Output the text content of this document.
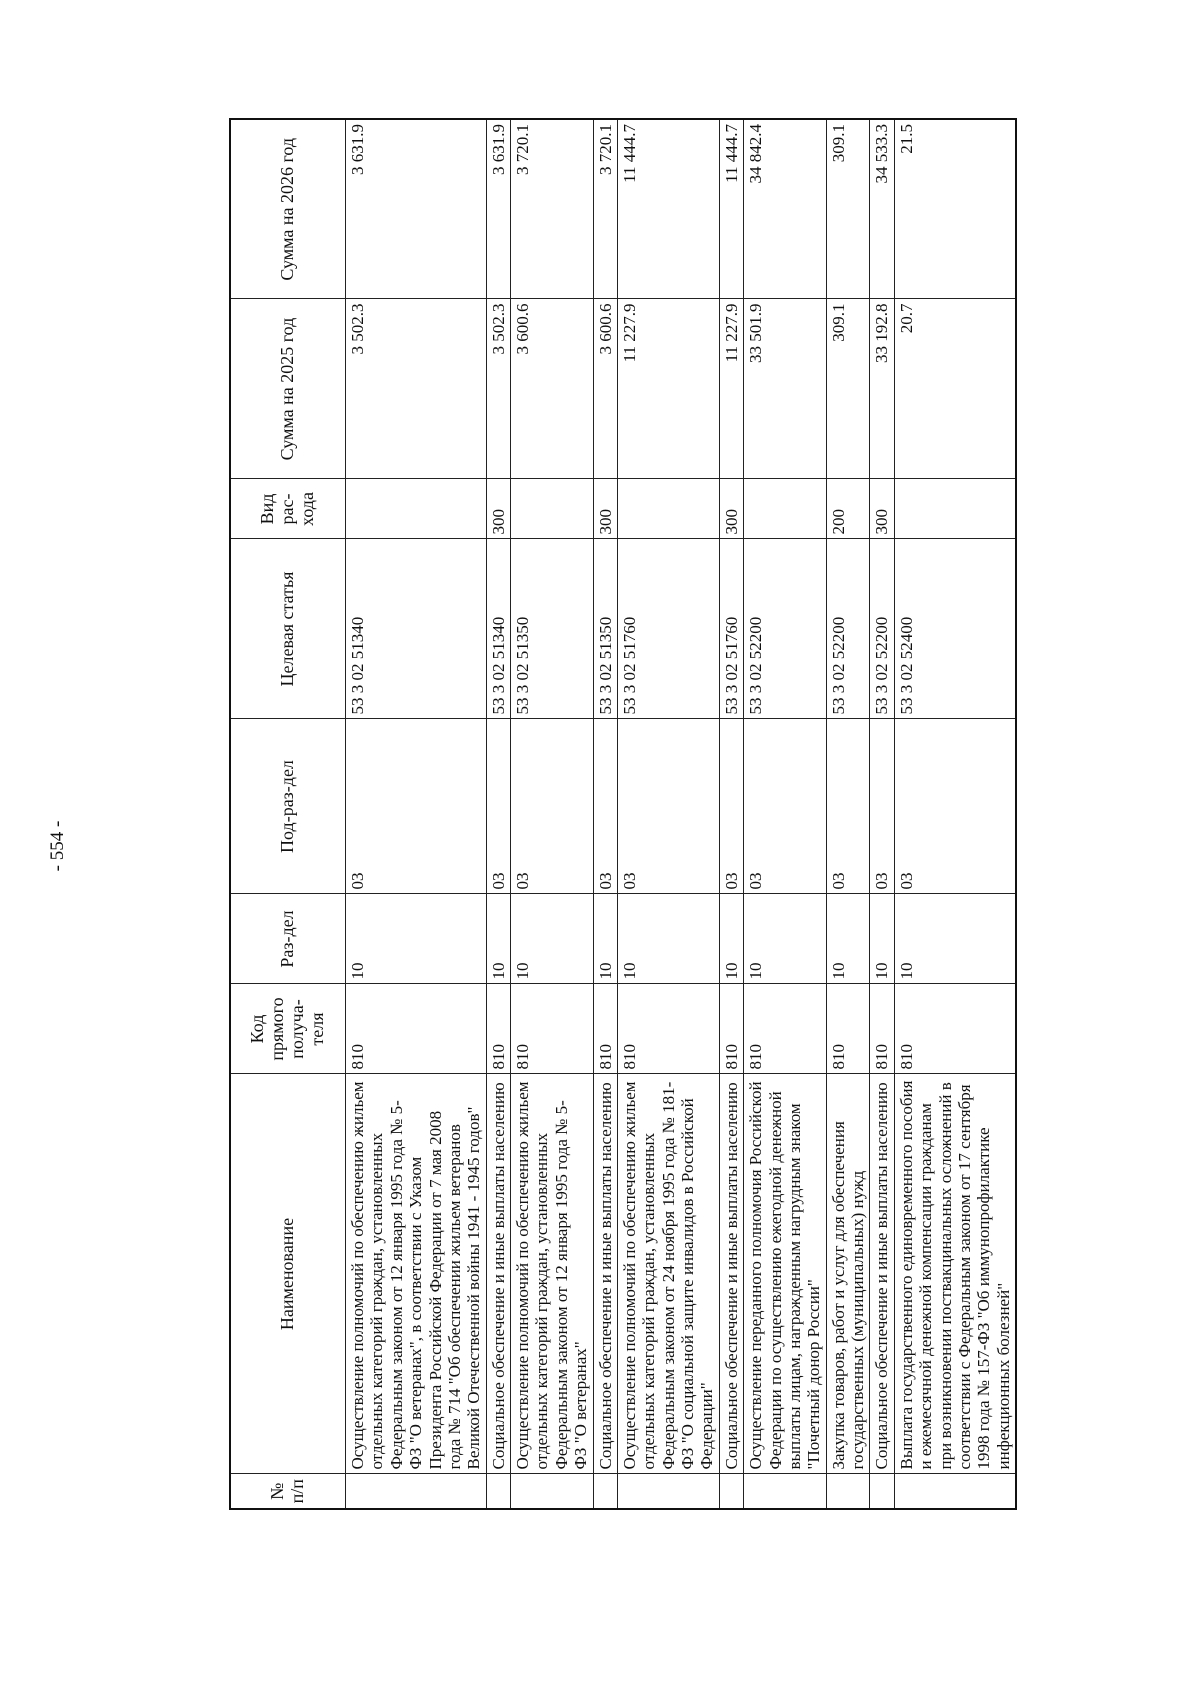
- 554 -
№ п/п	Наименование	Код прямого получа-теля	Раз-дел	Под-раз-дел	Целевая статья	Вид рас-хода	Сумма на 2025 год	Сумма на 2026 год
	Осуществление полномочий по обеспечению жильем отдельных категорий граждан, установленных Федеральным законом от 12 января 1995 года № 5-ФЗ "О ветеранах", в соответствии с Указом Президента Российской Федерации от 7 мая 2008 года № 714 "Об обеспечении жильем ветеранов Великой Отечественной войны 1941 - 1945 годов"	810	10	03	53 3 02 51340		3 502.3	3 631.9
	Социальное обеспечение и иные выплаты населению	810	10	03	53 3 02 51340	300	3 502.3	3 631.9
	Осуществление полномочий по обеспечению жильем отдельных категорий граждан, установленных Федеральным законом от 12 января 1995 года № 5-ФЗ "О ветеранах"	810	10	03	53 3 02 51350		3 600.6	3 720.1
	Социальное обеспечение и иные выплаты населению	810	10	03	53 3 02 51350	300	3 600.6	3 720.1
	Осуществление полномочий по обеспечению жильем отдельных категорий граждан, установленных Федеральным законом от 24 ноября 1995 года № 181-ФЗ "О социальной защите инвалидов в Российской Федерации"	810	10	03	53 3 02 51760		11 227.9	11 444.7
	Социальное обеспечение и иные выплаты населению	810	10	03	53 3 02 51760	300	11 227.9	11 444.7
	Осуществление переданного полномочия Российской Федерации по осуществлению ежегодной денежной выплаты лицам, награжденным нагрудным знаком "Почетный донор России"	810	10	03	53 3 02 52200		33 501.9	34 842.4
	Закупка товаров, работ и услуг для обеспечения государственных (муниципальных) нужд	810	10	03	53 3 02 52200	200	309.1	309.1
	Социальное обеспечение и иные выплаты населению	810	10	03	53 3 02 52200	300	33 192.8	34 533.3
	Выплата государственного единовременного пособия и ежемесячной денежной компенсации гражданам при возникновении поствакцинальных осложнений в соответствии с Федеральным законом от 17 сентября 1998 года № 157-ФЗ "Об иммунопрофилактике инфекционных болезней"	810	10	03	53 3 02 52400		20.7	21.5
